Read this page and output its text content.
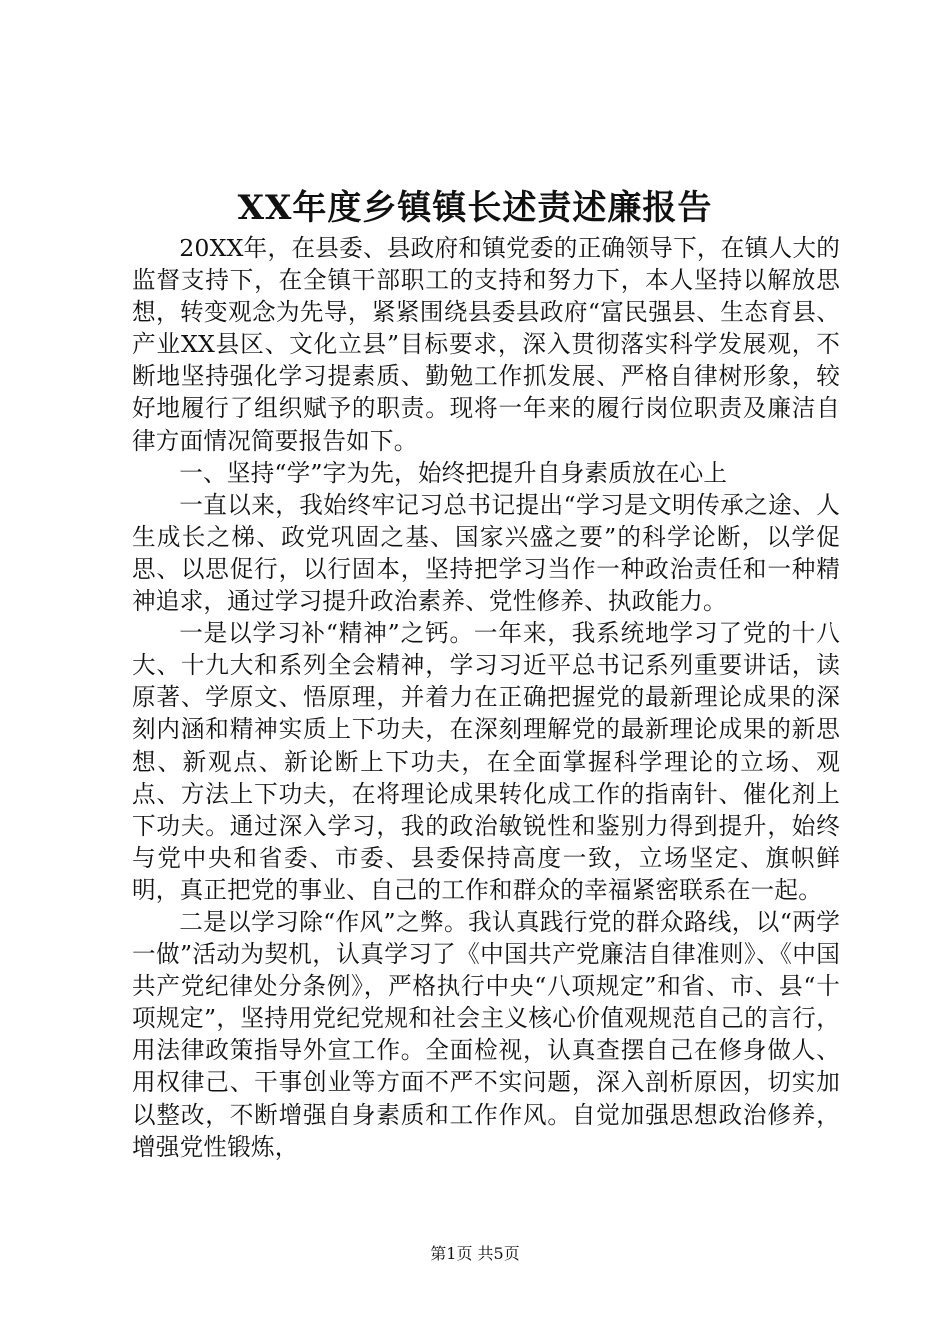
XX年度乡镇镇长述责述廉报告

20XX年，在县委、县政府和镇党委的正确领导下，在镇人大的监督支持下，在全镇干部职工的支持和努力下，本人坚持以解放思想，转变观念为先导，紧紧围绕县委县政府“富民强县、生态育县、产业XX县区、文化立县”目标要求，深入贯彻落实科学发展观，不断地坚持强化学习提素质、勤勉工作抓发展、严格自律树形象，较好地履行了组织赋予的职责。现将一年来的履行岗位职责及廉洁自律方面情况简要报告如下。

一、坚持“学”字为先，始终把提升自身素质放在心上

一直以来，我始终牢记习总书记提出“学习是文明传承之途、人生成长之梯、政党巩固之基、国家兴盛之要”的科学论断，以学促思、以思促行，以行固本，坚持把学习当作一种政治责任和一种精神追求，通过学习提升政治素养、党性修养、执政能力。

一是以学习补“精神”之钙。一年来，我系统地学习了党的十八大、十九大和系列全会精神，学习习近平总书记系列重要讲话，读原著、学原文、悟原理，并着力在正确把握党的最新理论成果的深刻内涵和精神实质上下功夫，在深刻理解党的最新理论成果的新思想、新观点、新论断上下功夫，在全面掌握科学理论的立场、观点、方法上下功夫，在将理论成果转化成工作的指南针、催化剂上下功夫。通过深入学习，我的政治敏锐性和鉴别力得到提升，始终与党中央和省委、市委、县委保持高度一致，立场坚定、旗帜鲜明，真正把党的事业、自己的工作和群众的幸福紧密联系在一起。

二是以学习除“作风”之弊。我认真践行党的群众路线，以“两学一做”活动为契机，认真学习了《中国共产党廉洁自律准则》、《中国共产党纪律处分条例》，严格执行中央“八项规定”和省、市、县“十项规定”，坚持用党纪党规和社会主义核心价值观规范自己的言行，用法律政策指导外宣工作。全面检视，认真查摆自己在修身做人、用权律己、干事创业等方面不严不实问题，深入剖析原因，切实加以整改，不断增强自身素质和工作作风。自觉加强思想政治修养，增强党性锻炼，

第1页 共5页
